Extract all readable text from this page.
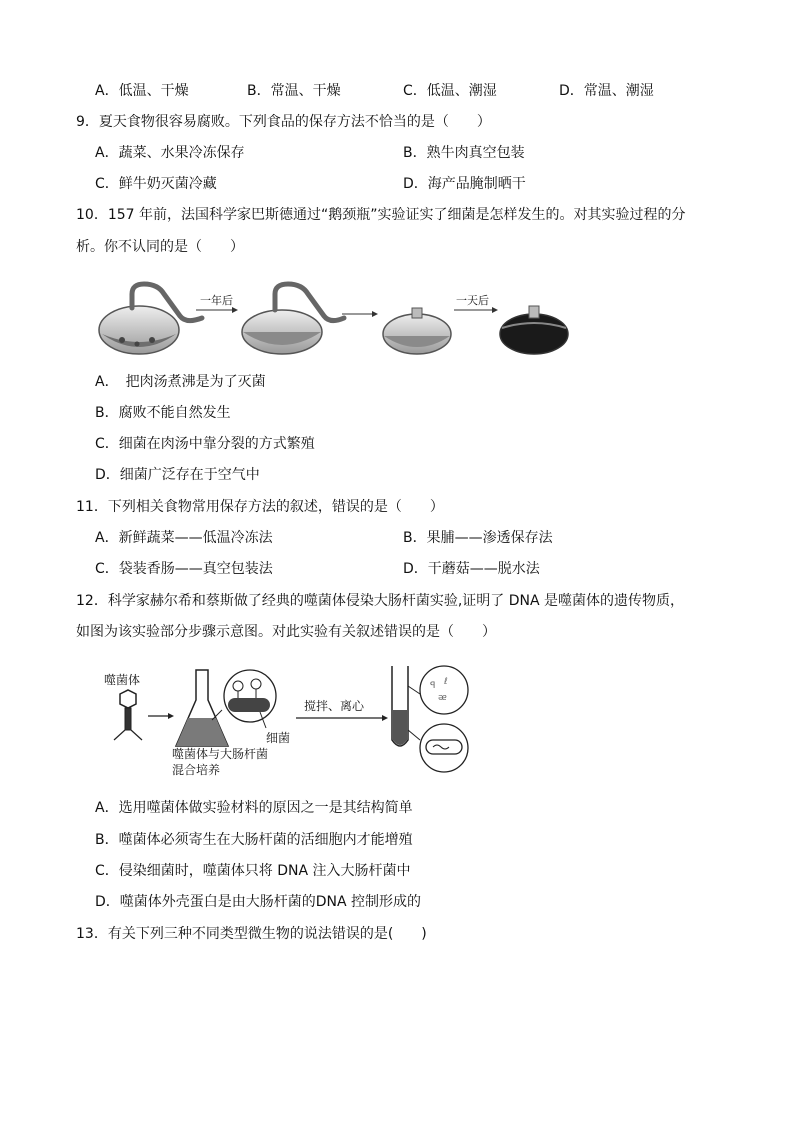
A．低温、干燥	B．常温、干燥	C．低温、潮湿	D．常温、潮湿
9．夏天食物很容易腐败。下列食品的保存方法不恰当的是（　　）
A．蔬菜、水果冷冻保存	B．熟牛肉真空包装
C．鲜牛奶灭菌冷藏	D．海产品腌制晒干
10．157 年前，法国科学家巴斯德通过“鹅颈瓶”实验证实了细菌是怎样发生的。对其实验过程的分
析。你不认同的是（　　）
一年后	一天后
A．　把肉汤煮沸是为了灭菌
B．腐败不能自然发生
C．细菌在肉汤中靠分裂的方式繁殖
D．细菌广泛存在于空气中
11．下列相关食物常用保存方法的叙述，错误的是（　　）
A．新鲜蔬菜——低温冷冻法	B．果脯——渗透保存法
C．袋装香肠——真空包装法	D．干蘑菇——脱水法
12．科学家赫尔希和蔡斯做了经典的噬菌体侵染大肠杆菌实验,证明了 DNA 是噬菌体的遗传物质，
如图为该实验部分步骤示意图。对此实验有关叙述错误的是（　　）
噬菌体
细菌
噬菌体与大肠杆菌
混合培养
搅拌、离心
ꟼ ℓ
ᴂ
A．选用噬菌体做实验材料的原因之一是其结构简单
B．噬菌体必须寄生在大肠杆菌的活细胞内才能增殖
C．侵染细菌时，噬菌体只将 DNA 注入大肠杆菌中
D．噬菌体外壳蛋白是由大肠杆菌的DNA 控制形成的
13．有关下列三种不同类型微生物的说法错误的是(　　)
